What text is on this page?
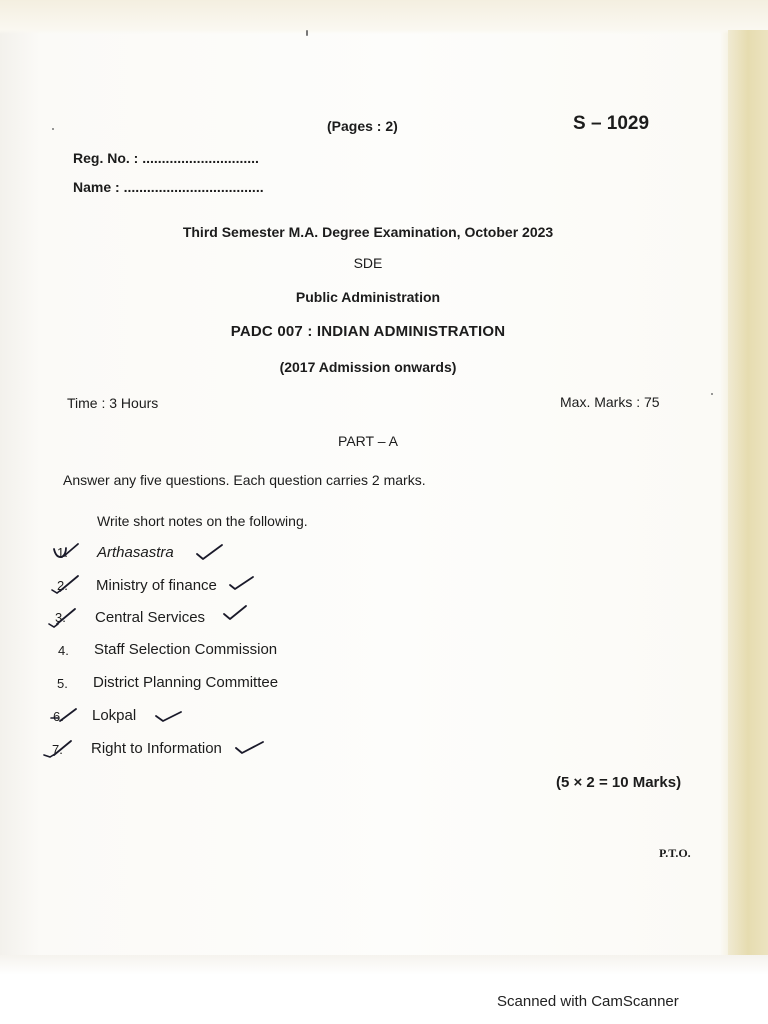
(Pages : 2)	S – 1029
Reg. No. : ..............................
Name : ....................................
Third Semester M.A. Degree Examination, October 2023
SDE
Public Administration
PADC 007 : INDIAN ADMINISTRATION
(2017 Admission onwards)
Time : 3 Hours	Max. Marks : 75
PART – A
Answer any five questions. Each question carries 2 marks.
Write short notes on the following.
1. Arthasastra
2. Ministry of finance
3. Central Services
4. Staff Selection Commission
5. District Planning Committee
6. Lokpal
7. Right to Information
(5 × 2 = 10 Marks)
P.T.O.
Scanned with CamScanner
